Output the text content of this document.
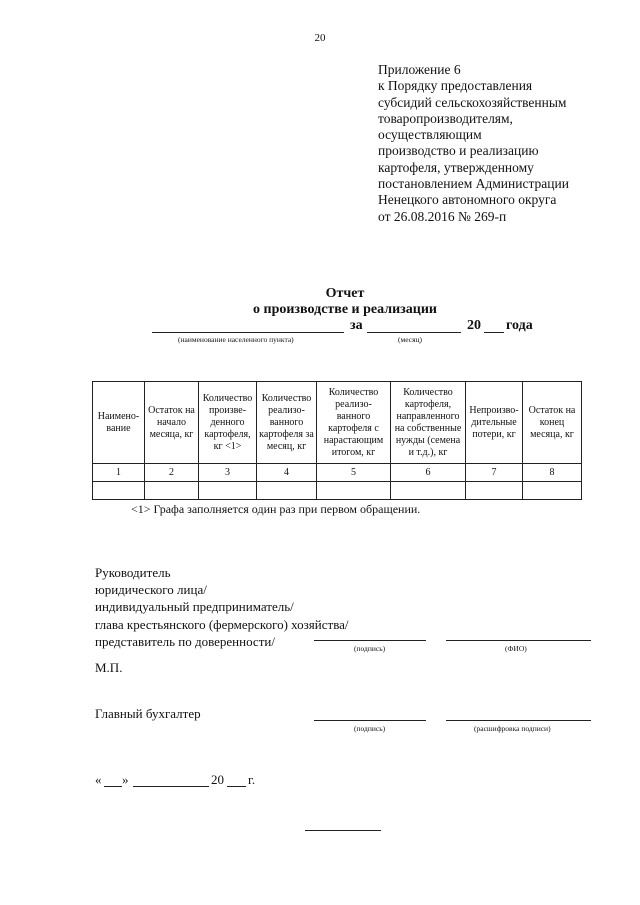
20
Приложение 6
к Порядку предоставления
субсидий сельскохозяйственным
товаропроизводителям,
осуществляющим
производство и реализацию
картофеля, утвержденному
постановлением Администрации
Ненецкого автономного округа
от 26.08.2016 № 269-п
Отчет
о производстве и реализации
за	20 года
(наименование населенного пункта)	(месяц)
Наимено-вание	Остаток на начало месяца, кг	Количество произве-денного картофеля, кг <1>	Количество реализо-ванного картофеля за месяц, кг	Количество реализо-ванного картофеля с нарастающим итогом, кг	Количество картофеля, направленного на собственные нужды (семена и т.д.), кг	Непроизво-дительные потери, кг	Остаток на конец месяца, кг
1	2	3	4	5	6	7	8

<1> Графа заполняется один раз при первом обращении.
Руководитель
юридического лица/
индивидуальный предприниматель/
глава крестьянского (фермерского) хозяйства/
представитель по доверенности/	(подпись)	(ФИО)
М.П.
Главный бухгалтер
(подпись)	(расшифровка подписи)
« »	20 г.
